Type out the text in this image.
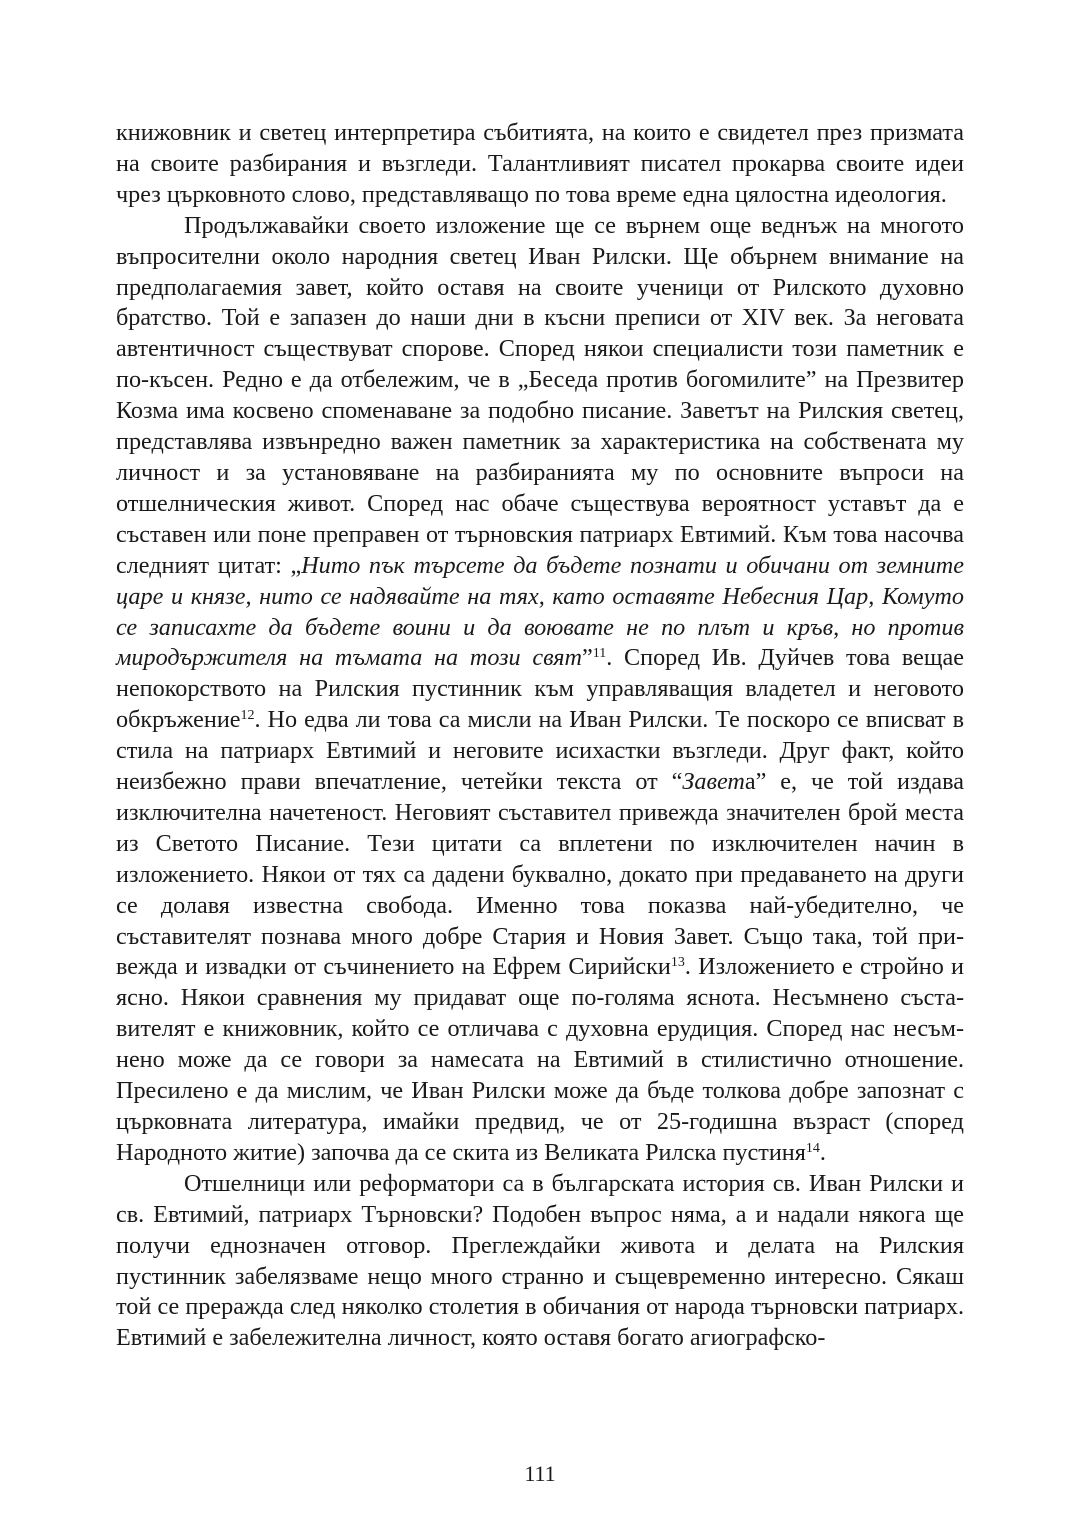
книжовник и светец интерпретира събитията, на които е свидетел през призмата на своите разбирания и възгледи. Талантливият писател прокарва своите идеи чрез църковното слово, представляващо по това време една цялостна идеология.

Продължавайки своето изложение ще се върнем още веднъж на многото въпросителни около народния светец Иван Рилски. Ще обърнем внимание на предполагаемия завет, който оставя на своите ученици от Рилското духовно братство. Той е запазен до наши дни в късни преписи от XIV век. За неговата автентичност съществуват спорове. Според някои специалисти този паметник е по-късен. Редно е да отбележим, че в „Беседа против богомилите” на Презвитер Козма има косвено споменаване за подобно писание. Заветът на Рилския светец, представлява извънредно важен паметник за характеристика на собствената му личност и за установяване на разбиранията му по основните въпроси на отшелническия живот. Според нас обаче съществува вероятност уставът да е съставен или поне преправен от търновския патриарх Евтимий. Към това насочва следният цитат: „Нито пък търсете да бъдете познати и обичани от земните царе и князе, нито се надявайте на тях, като оставяте Небесния Цар, Комуто се записахте да бъдете воини и да воювате не по плът и кръв, но против миродържителя на тъмата на този свят”$^{11}$. Според Ив. Дуйчев това вещае непокорството на Рилския пустинник към управляващия владетел и неговото обкръжение$^{12}$. Но едва ли това са мисли на Иван Рилски. Те поскоро се вписват в стила на патриарх Евтимий и неговите исихастки възгледи. Друг факт, който неизбежно прави впечатление, четейки текста от “Завета” е, че той издава изключителна начетеност. Неговият съставител привежда значителен брой места из Светото Писание. Тези цитати са вплетени по изключителен начин в изложението. Някои от тях са дадени буквално, докато при предаването на други се долавя известна свобода. Именно това показва най-убедително, че съставителят познава много добре Стария и Новия Завет. Също така, той привежда и извадки от съчинението на Ефрем Сирийски$^{13}$. Изложението е стройно и ясно. Някои сравнения му придават още по-голяма яснота. Несъмнено съставителят е книжовник, който се отличава с духовна ерудиция. Според нас несъмнено може да се говори за намесата на Евтимий в стилистично отношение. Пресилено е да мислим, че Иван Рилски може да бъде толкова добре запознат с църковната литература, имайки предвид, че от 25-годишна възраст (според Народното житие) започва да се скита из Великата Рилска пустиня$^{14}$.

Отшелници или реформатори са в българската история св. Иван Рилски и св. Евтимий, патриарх Търновски? Подобен въпрос няма, а и надали някога ще получи еднозначен отговор. Преглеждайки живота и делата на Рилския пустинник забелязваме нещо много странно и същевременно интересно. Сякаш той се преражда след няколко столетия в обичания от народа търновски патриарх. Евтимий е забележителна личност, която оставя богато агиографско-

111
